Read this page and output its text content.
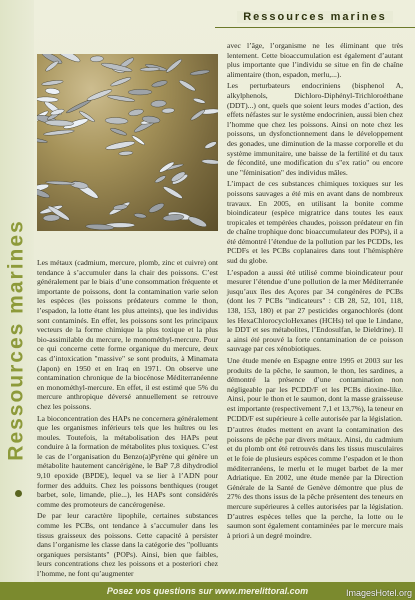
Ressources marines
Ressources marines

Les métaux (cadmium, mercure, plomb, zinc et cuivre) ont tendance à s’accumuler dans la chair des poissons. C’est généralement par le biais d’une consommation fréquente et importante de poissons, dont la contamination varie selon les espèces (les poissons prédateurs comme le thon, l’espadon, la lotte étant les plus atteints), que les individus sont contaminés. En effet, les poissons sont les principaux vecteurs de la forme chimique la plus toxique et la plus bio-assimilable du mercure, le monométhyl-mercure. Pour ce qui concerne cette forme organique du mercure, deux cas d’intoxication "massive" se sont produits, à Minamata (Japon) en 1950 et en Iraq en 1971. On observe une contamination chronique de la biocénose Méditerranéenne en monométhyl-mercure. En effet, il est estimé que 5% du mercure anthropique déversé annuellement se retrouve chez les poissons.

La bioconcentration des HAPs ne concernera généralement que les organismes inférieurs tels que les huîtres ou les moules. Toutefois, la métabolisation des HAPs peut conduire à la formation de métabolites plus toxiques. C’est le cas de l’organisation du Benzo(a)Pyrène qui génère un métabolite hautement cancérigène, le BaP 7,8 dihydrodiol 9,10 epoxide (BPDE), lequel va se lier à l’ADN pour former des adduits. Chez les poissons benthiques (rouget barbet, sole, limande, plie...), les HAPs sont considérés comme des promoteurs de cancérogenèse.

De par leur caractère lipophile, certaines substances comme les PCBs, ont tendance à s’accumuler dans les tissus graisseux des poissons. Cette capacité à persister dans l’organisme les classe dans la catégorie des "polluants organiques persistants" (POPs). Ainsi, bien que faibles, leurs concentrations chez les poissons et a posteriori chez l’homme, ne font qu’augmenter

avec l’âge, l’organisme ne les éliminant que très lentement. Cette bioaccumulation est également d’autant plus importante que l’individu se situe en fin de chaîne alimentaire (thon, espadon, merlu,...).

Les perturbateurs endocriniens (bisphenol A, alkylphenols, Dichloro-Diphényl-Trichloroéthane (DDT)...) ont, quels que soient leurs modes d’action, des effets néfastes sur le système endocrinien, aussi bien chez l’homme que chez les poissons. Ainsi on note chez les poissons, un dysfonctionnement dans le développement des gonades, une diminution de la masse corporelle et du système immunitaire, une baisse de la fertilité et du taux de fécondité, une modification du s"ex ratio" ou encore une "féminisation" des individus mâles.

L’impact de ces substances chimiques toxiques sur les poissons sauvages a été mis en avant dans de nombreux travaux. En 2005, en utilisant la bonite comme bioindicateur (espèce migratrice dans toutes les eaux tropicales et tempérées chaudes, poisson prédateur en fin de chaîne trophique donc bioaccumulateur des POPs), il a été démontré l’étendue de la pollution par les PCDDs, les PCDFs et les PCBs coplanaires dans tout l’hémisphère sud du globe.

L’espadon a aussi été utilisé comme bioindicateur pour mesurer l’étendue d’une pollution de la mer Méditerranée jusqu’aux îles des Açores par 34 congénères de PCBs (dont les 7 PCBs "indicateurs" : CB 28, 52, 101, 118, 138, 153, 180) et par 27 pesticides organochlorés (dont les HexaChlorocycloHexanes (HCHs) tel que le Lindane, le DDT et ses métabolites, l’Endosulfan, le Dieldrine). Il a ainsi été prouvé la forte contamination de ce poisson sauvage par ces xénobiotiques.

Une étude menée en Espagne entre 1995 et 2003 sur les produits de la pêche, le saumon, le thon, les sardines, a démontré la présence d’une contamination non négligeable par les PCDD/F et les PCBs dioxine-like. Ainsi, pour le thon et le saumon, dont la masse graisseuse est importante (respectivement 7,1 et 13,7%), la teneur en PCDD/F est supérieure à celle autorisée par la législation.

D’autres études mettent en avant la contamination des poissons de pêche par divers métaux. Ainsi, du cadmium et du plomb ont été retrouvés dans les tissus musculaires et le foie de plusieurs espèces comme l’espadon et le thon méditerranéens, le merlu et le muget barbet de la mer Adriatique. En 2002, une étude menée par la Direction Générale de la Santé de Genève démontre que plus de 27% des thons issus de la pêche présentent des teneurs en mercure supérieures à celles autorisées par la législation. D’autres espèces telles que la perche, la lotte ou le saumon sont également contaminées par le mercure mais à priori à un degré moindre.

Posez vos questions sur www.merelittoral.com	ImagesHotel.org
